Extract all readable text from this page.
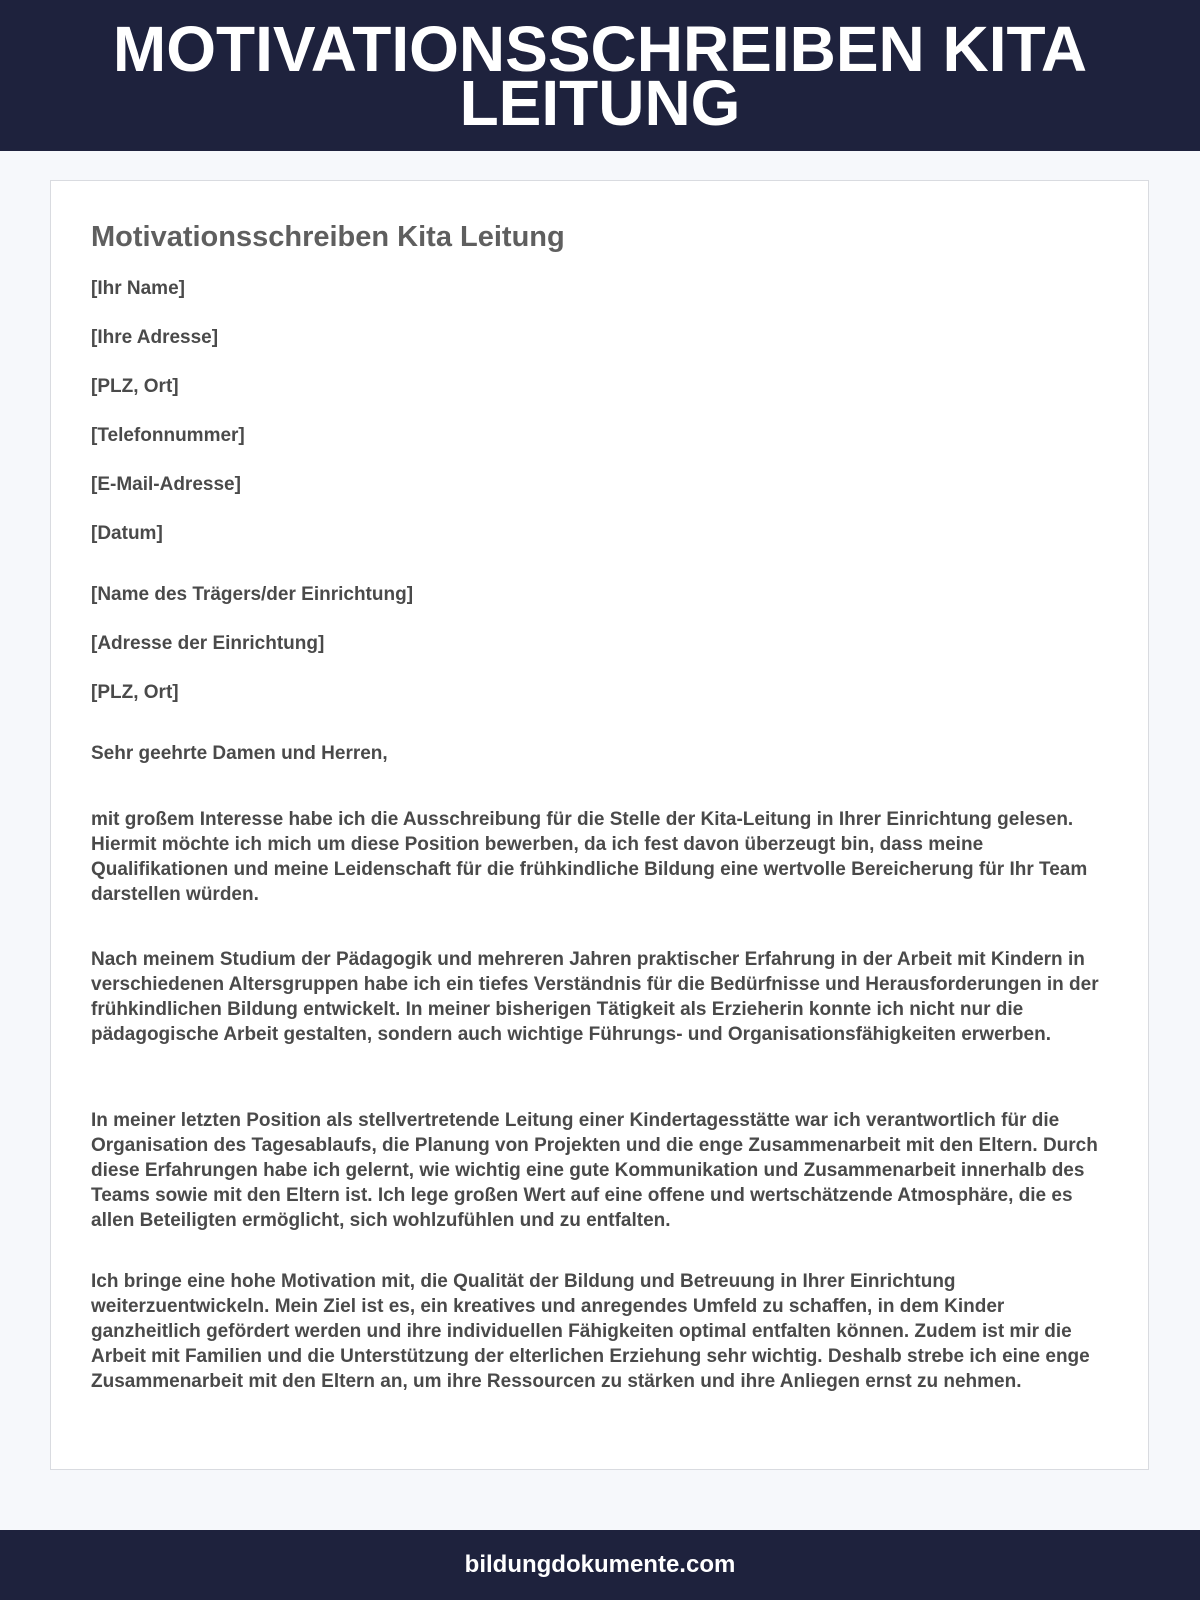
MOTIVATIONSSCHREIBEN KITA LEITUNG
Motivationsschreiben Kita Leitung

[Ihr Name]

[Ihre Adresse]

[PLZ, Ort]

[Telefonnummer]

[E-Mail-Adresse]

[Datum]

[Name des Trägers/der Einrichtung]

[Adresse der Einrichtung]

[PLZ, Ort]

Sehr geehrte Damen und Herren,

mit großem Interesse habe ich die Ausschreibung für die Stelle der Kita-Leitung in Ihrer Einrichtung gelesen. Hiermit möchte ich mich um diese Position bewerben, da ich fest davon überzeugt bin, dass meine Qualifikationen und meine Leidenschaft für die frühkindliche Bildung eine wertvolle Bereicherung für Ihr Team darstellen würden.

Nach meinem Studium der Pädagogik und mehreren Jahren praktischer Erfahrung in der Arbeit mit Kindern in verschiedenen Altersgruppen habe ich ein tiefes Verständnis für die Bedürfnisse und Herausforderungen in der frühkindlichen Bildung entwickelt. In meiner bisherigen Tätigkeit als Erzieherin konnte ich nicht nur die pädagogische Arbeit gestalten, sondern auch wichtige Führungs- und Organisationsfähigkeiten erwerben.

In meiner letzten Position als stellvertretende Leitung einer Kindertagesstätte war ich verantwortlich für die Organisation des Tagesablaufs, die Planung von Projekten und die enge Zusammenarbeit mit den Eltern. Durch diese Erfahrungen habe ich gelernt, wie wichtig eine gute Kommunikation und Zusammenarbeit innerhalb des Teams sowie mit den Eltern ist. Ich lege großen Wert auf eine offene und wertschätzende Atmosphäre, die es allen Beteiligten ermöglicht, sich wohlzufühlen und zu entfalten.

Ich bringe eine hohe Motivation mit, die Qualität der Bildung und Betreuung in Ihrer Einrichtung weiterzuentwickeln. Mein Ziel ist es, ein kreatives und anregendes Umfeld zu schaffen, in dem Kinder ganzheitlich gefördert werden und ihre individuellen Fähigkeiten optimal entfalten können. Zudem ist mir die Arbeit mit Familien und die Unterstützung der elterlichen Erziehung sehr wichtig. Deshalb strebe ich eine enge Zusammenarbeit mit den Eltern an, um ihre Ressourcen zu stärken und ihre Anliegen ernst zu nehmen.

bildungdokumente.com
